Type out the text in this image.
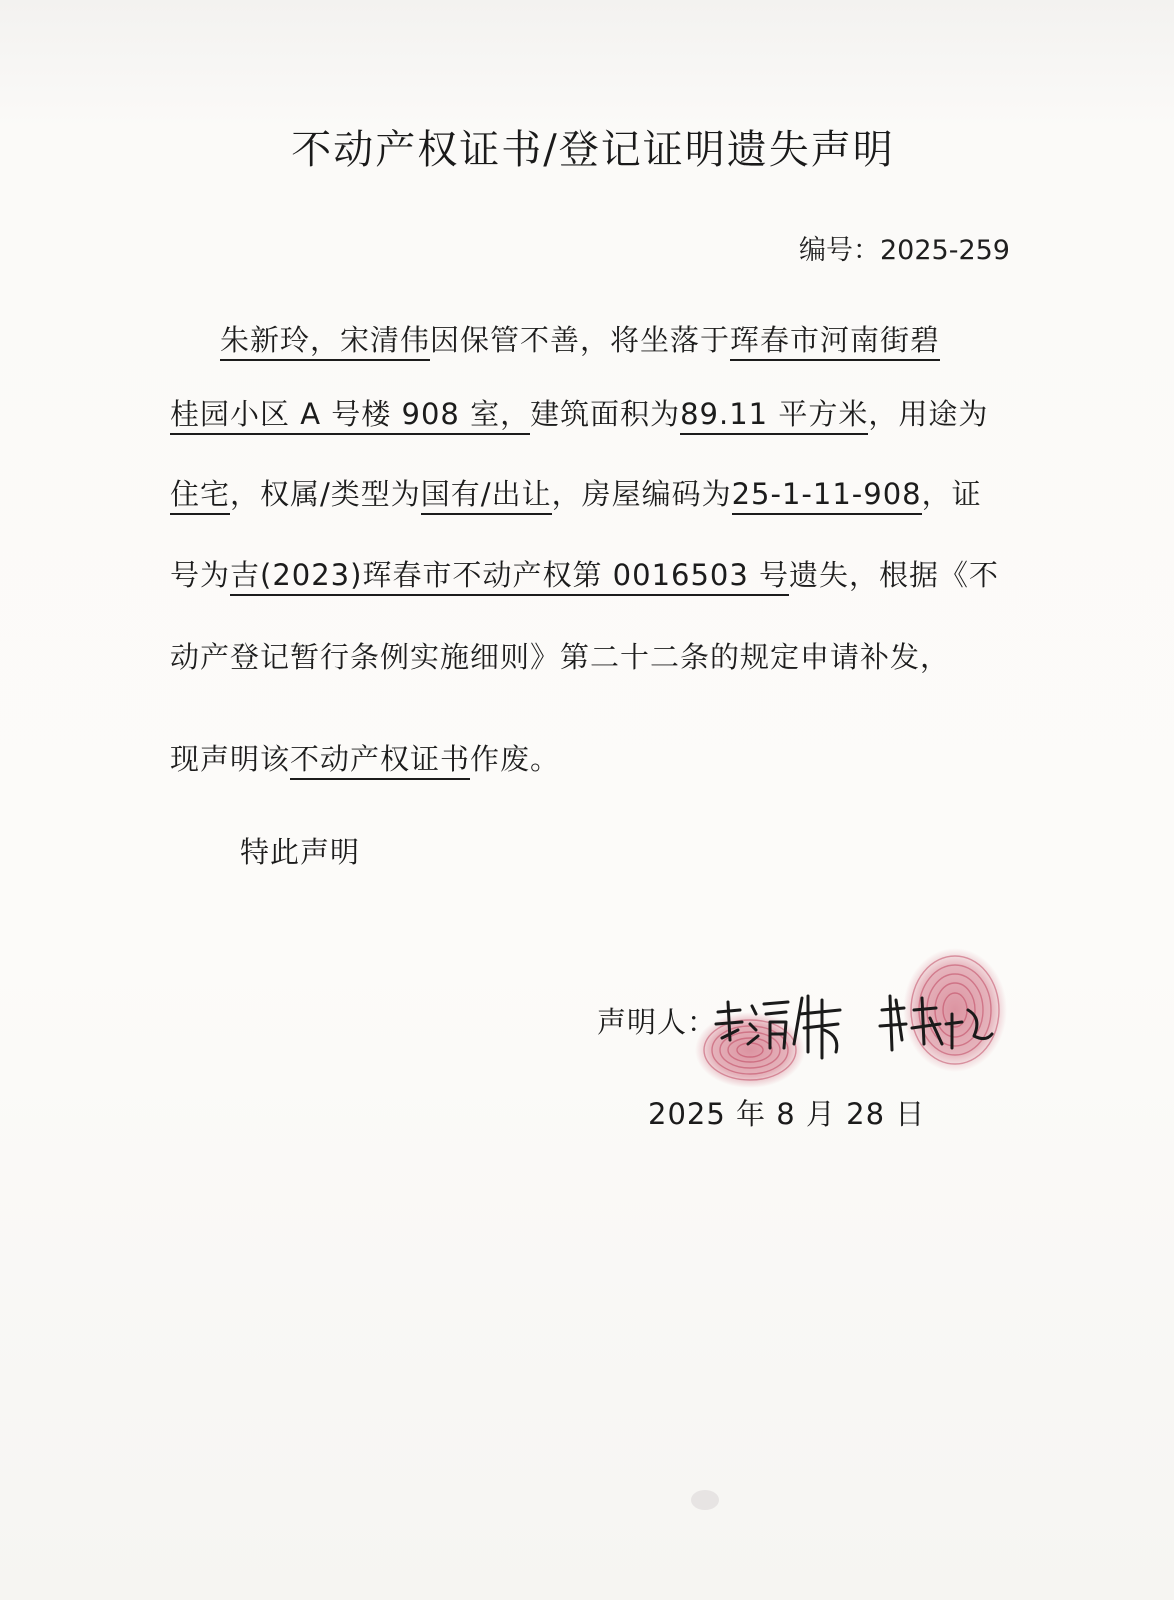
不动产权证书/登记证明遗失声明
编号：2025-259
朱新玲，宋清伟因保管不善，将坐落于珲春市河南街碧
桂园小区 A 号楼 908 室，建筑面积为89.11 平方米，用途为
住宅，权属/类型为国有/出让，房屋编码为25-1-11-908，证
号为吉(2023)珲春市不动产权第 0016503 号遗失，根据《不
动产登记暂行条例实施细则》第二十二条的规定申请补发，
现声明该不动产权证书作废。
特此声明
声明人：
2025 年 8 月 28 日
